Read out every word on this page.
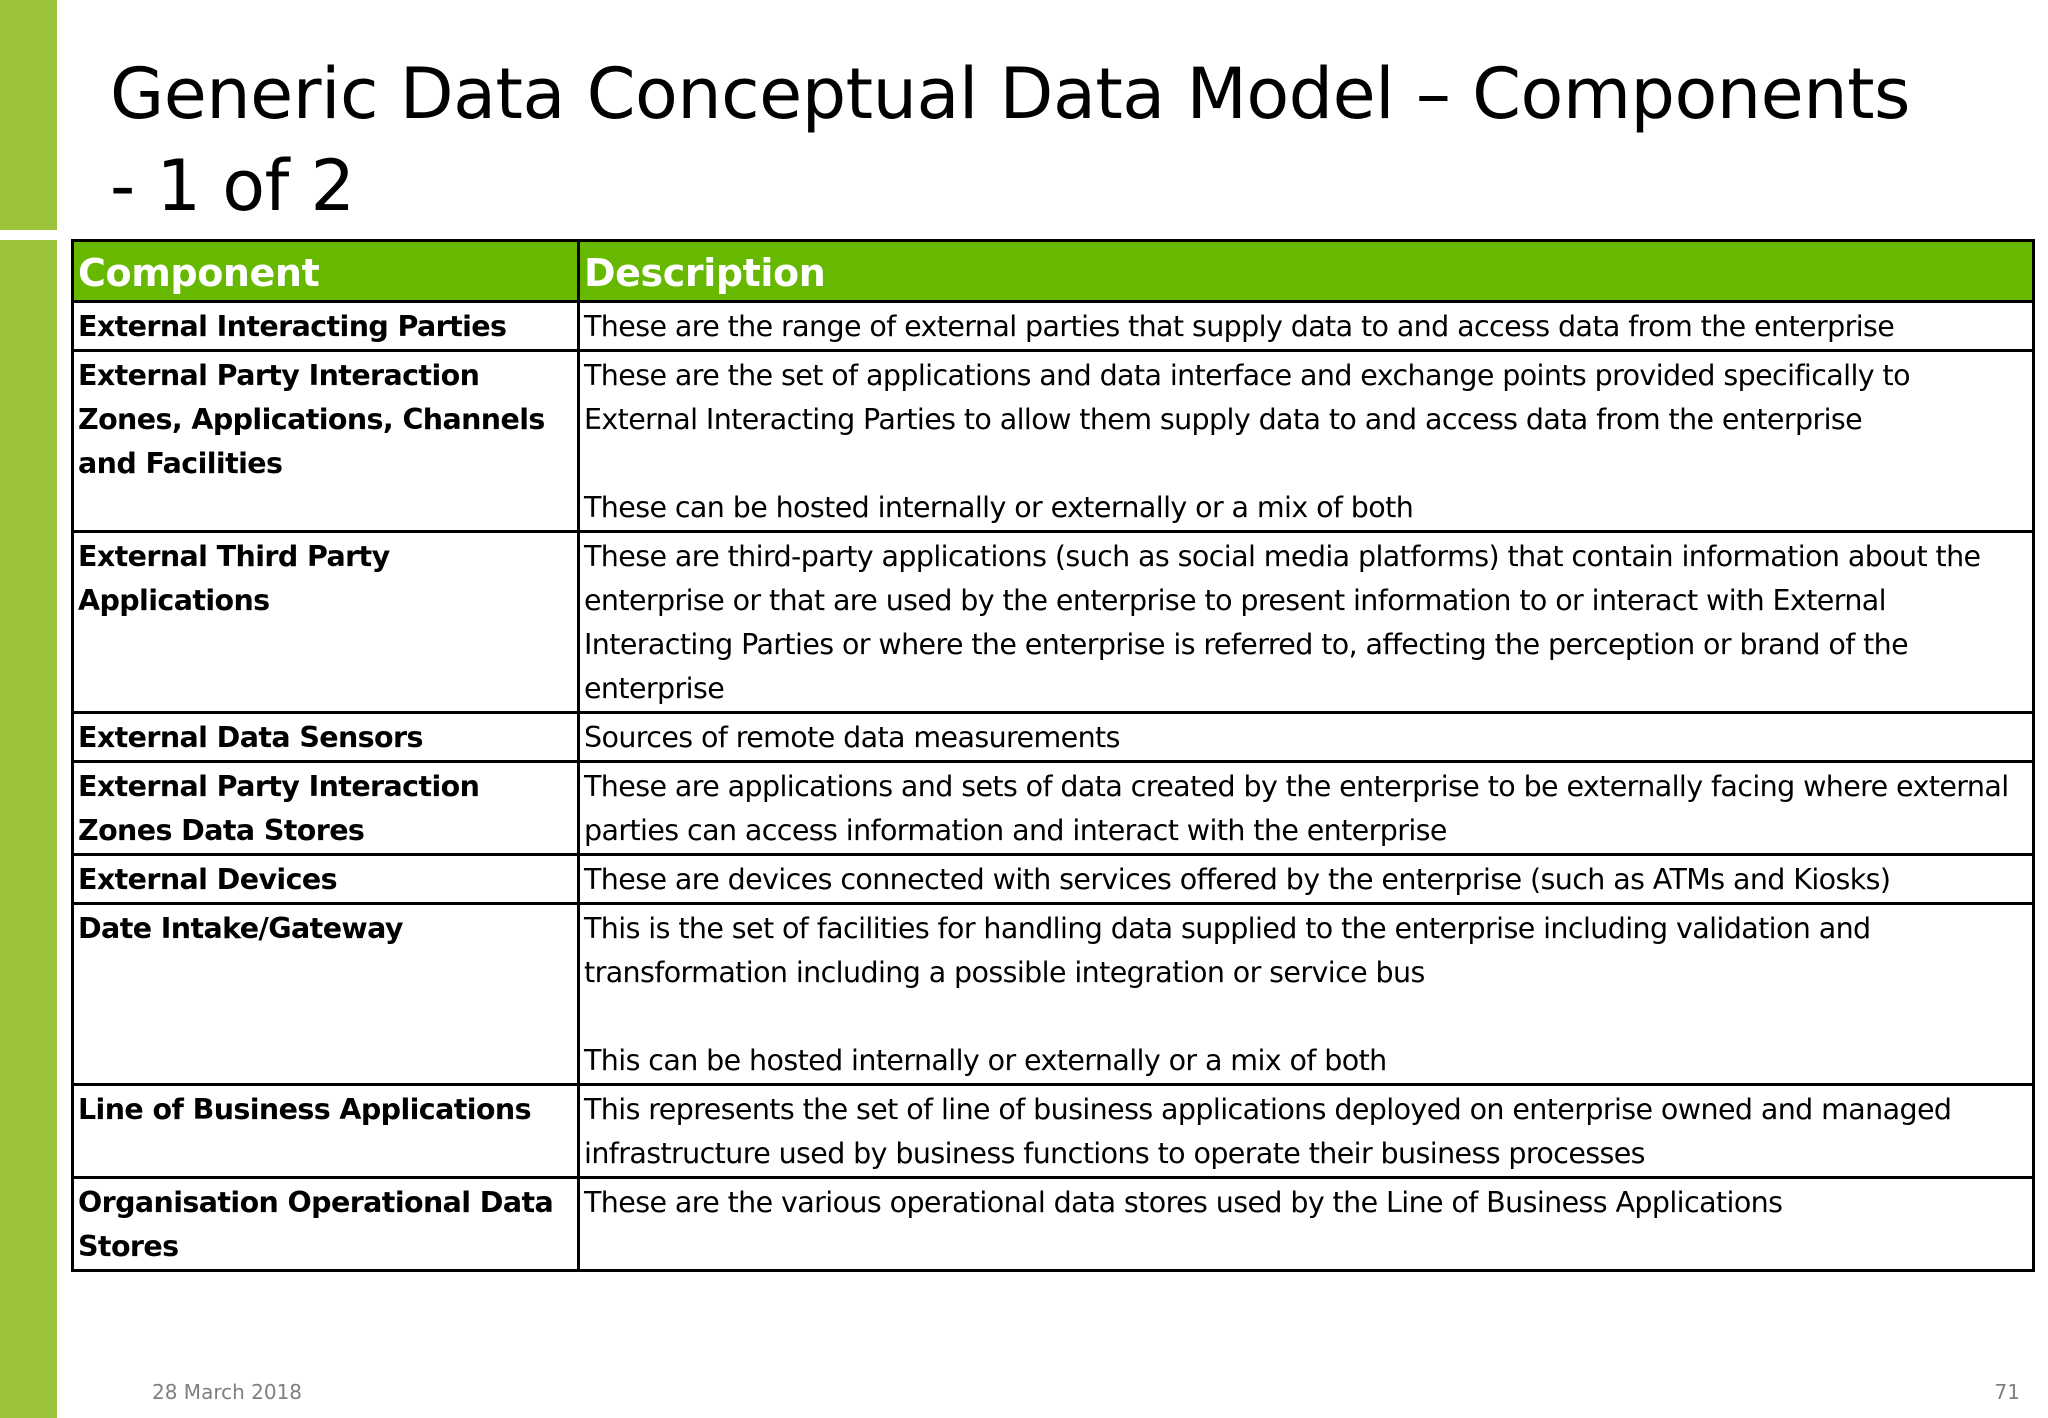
Generic Data Conceptual Data Model – Components
- 1 of 2
Component	Description
External Interacting Parties	These are the range of external parties that supply data to and access data from the enterprise

External Party Interaction Zones, Applications, Channels and Facilities	These are the set of applications and data interface and exchange points provided specifically to External Interacting Parties to allow them supply data to and access data from the enterprise
These can be hosted internally or externally or a mix of both

External Third Party Applications	These are third-party applications (such as social media platforms) that contain information about the enterprise or that are used by the enterprise to present information to or interact with External Interacting Parties or where the enterprise is referred to, affecting the perception or brand of the enterprise

External Data Sensors	Sources of remote data measurements

External Party Interaction Zones Data Stores	These are applications and sets of data created by the enterprise to be externally facing where external parties can access information and interact with the enterprise

External Devices	These are devices connected with services offered by the enterprise (such as ATMs and Kiosks)

Date Intake/Gateway	This is the set of facilities for handling data supplied to the enterprise including validation and transformation including a possible integration or service bus
This can be hosted internally or externally or a mix of both

Line of Business Applications	This represents the set of line of business applications deployed on enterprise owned and managed infrastructure used by business functions to operate their business processes

Organisation Operational Data Stores	These are the various operational data stores used by the Line of Business Applications
28 March 2018	71
